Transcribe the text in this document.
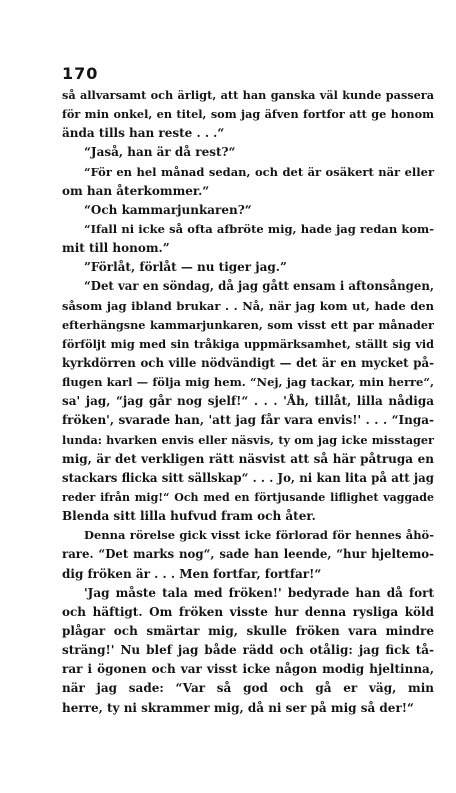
170
så allvarsamt och ärligt, att han ganska väl kunde passera
för min onkel, en titel, som jag äfven fortfor att ge honom
ända tills han reste . . .“
“Jaså, han är då rest?“
“För en hel månad sedan, och det är osäkert när eller
om han återkommer.“
“Och kammarjunkaren?“
“Ifall ni icke så ofta afbröte mig, hade jag redan kom-
mit till honom.”
”Förlåt, förlåt — nu tiger jag.”
“Det var en söndag, då jag gått ensam i aftonsången,
såsom jag ibland brukar . . Nå, när jag kom ut, hade den
efterhängsne kammarjunkaren, som visst ett par månader
förföljt mig med sin tråkiga uppmärksamhet, ställt sig vid
kyrkdörren och ville nödvändigt — det är en mycket på-
flugen karl — följa mig hem. “Nej, jag tackar, min herre“,
sa' jag, “jag går nog sjelf!“ . . . 'Åh, tillåt, lilla nådiga
fröken', svarade han, 'att jag får vara envis!' . . . “Inga-
lunda: hvarken envis eller näsvis, ty om jag icke misstager
mig, är det verkligen rätt näsvist att så här påtruga en
stackars flicka sitt sällskap“ . . . Jo, ni kan lita på att jag
reder ifrån mig!“ Och med en förtjusande liflighet vaggade
Blenda sitt lilla hufvud fram och åter.
Denna rörelse gick visst icke förlorad för hennes åhö-
rare. “Det marks nog“, sade han leende, “hur hjeltemo-
dig fröken är . . . Men fortfar, fortfar!“
'Jag måste tala med fröken!' bedyrade han då fort
och häftigt. Om fröken visste hur denna rysliga köld
plågar och smärtar mig, skulle fröken vara mindre
sträng!' Nu blef jag både rädd och otålig: jag fick tå-
rar i ögonen och var visst icke någon modig hjeltinna,
när jag sade: “Var så god och gå er väg, min
herre, ty ni skrammer mig, då ni ser på mig så der!“
